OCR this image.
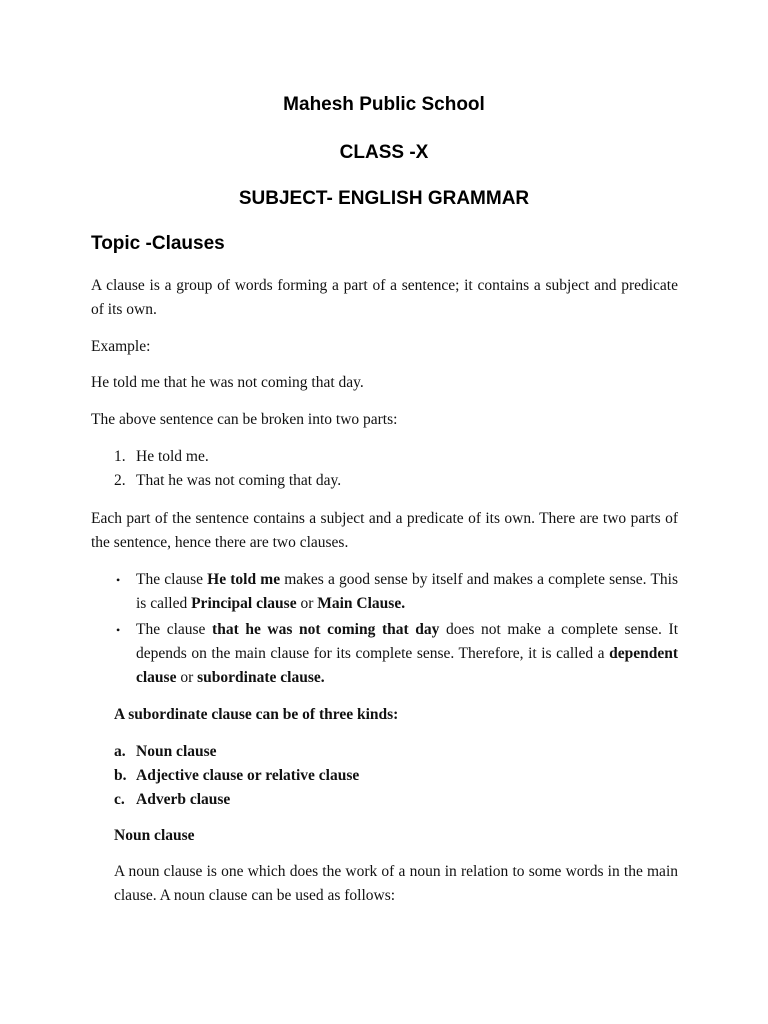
Mahesh Public School
CLASS -X
SUBJECT- ENGLISH GRAMMAR
Topic -Clauses

A clause is a group of words forming a part of a sentence; it contains a subject and predicate of its own.

Example:

He told me that he was not coming that day.

The above sentence can be broken into two parts:

1. He told me.
2. That he was not coming that day.

Each part of the sentence contains a subject and a predicate of its own. There are two parts of the sentence, hence there are two clauses.

• The clause He told me makes a good sense by itself and makes a complete sense. This is called Principal clause or Main Clause.
• The clause that he was not coming that day does not make a complete sense. It depends on the main clause for its complete sense. Therefore, it is called a dependent clause or subordinate clause.

A subordinate clause can be of three kinds:

a. Noun clause
b. Adjective clause or relative clause
c. Adverb clause

Noun clause

A noun clause is one which does the work of a noun in relation to some words in the main clause. A noun clause can be used as follows:
